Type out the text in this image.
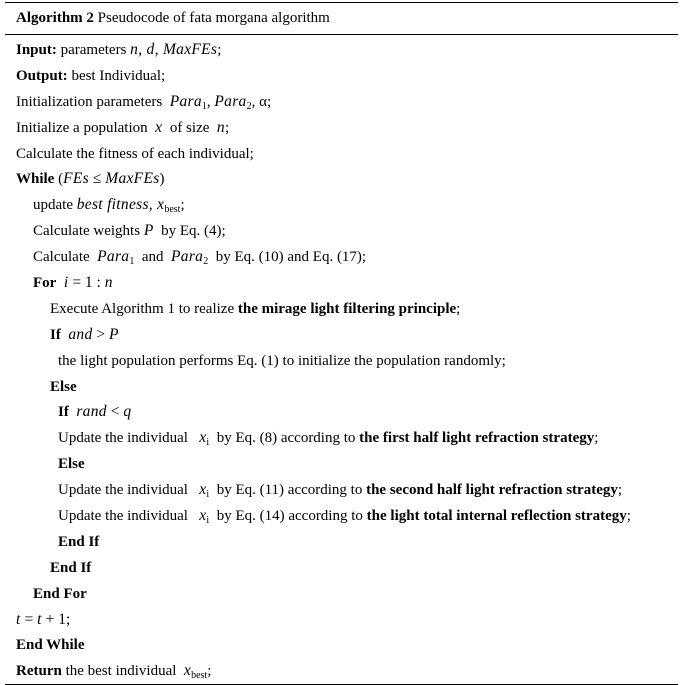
Algorithm 2 Pseudocode of fata morgana algorithm
Input: parameters n, d, MaxFEs;
Output: best Individual;
Initialization parameters  Para$_1$, Para$_2$, α;
Initialize a population  x  of size  n;
Calculate the fitness of each individual;
While (FEs ≤ MaxFEs)
update best fitness, $x_{best}$;
Calculate weights P  by Eq. (4);
Calculate  Para$_1$  and  Para$_2$  by Eq. (10) and Eq. (17);
For i = 1 : n
Execute Algorithm 1 to realize the mirage light filtering principle;
If and > P
the light population performs Eq. (1) to initialize the population randomly;
Else
If rand < q
Update the individual   $x_i$  by Eq. (8) according to the first half light refraction strategy;
Else
Update the individual   $x_i$  by Eq. (11) according to the second half light refraction strategy;
Update the individual   $x_i$  by Eq. (14) according to the light total internal reflection strategy;
End If
End If
End For
t = t + 1;
End While
Return the best individual  $x_{best}$;
